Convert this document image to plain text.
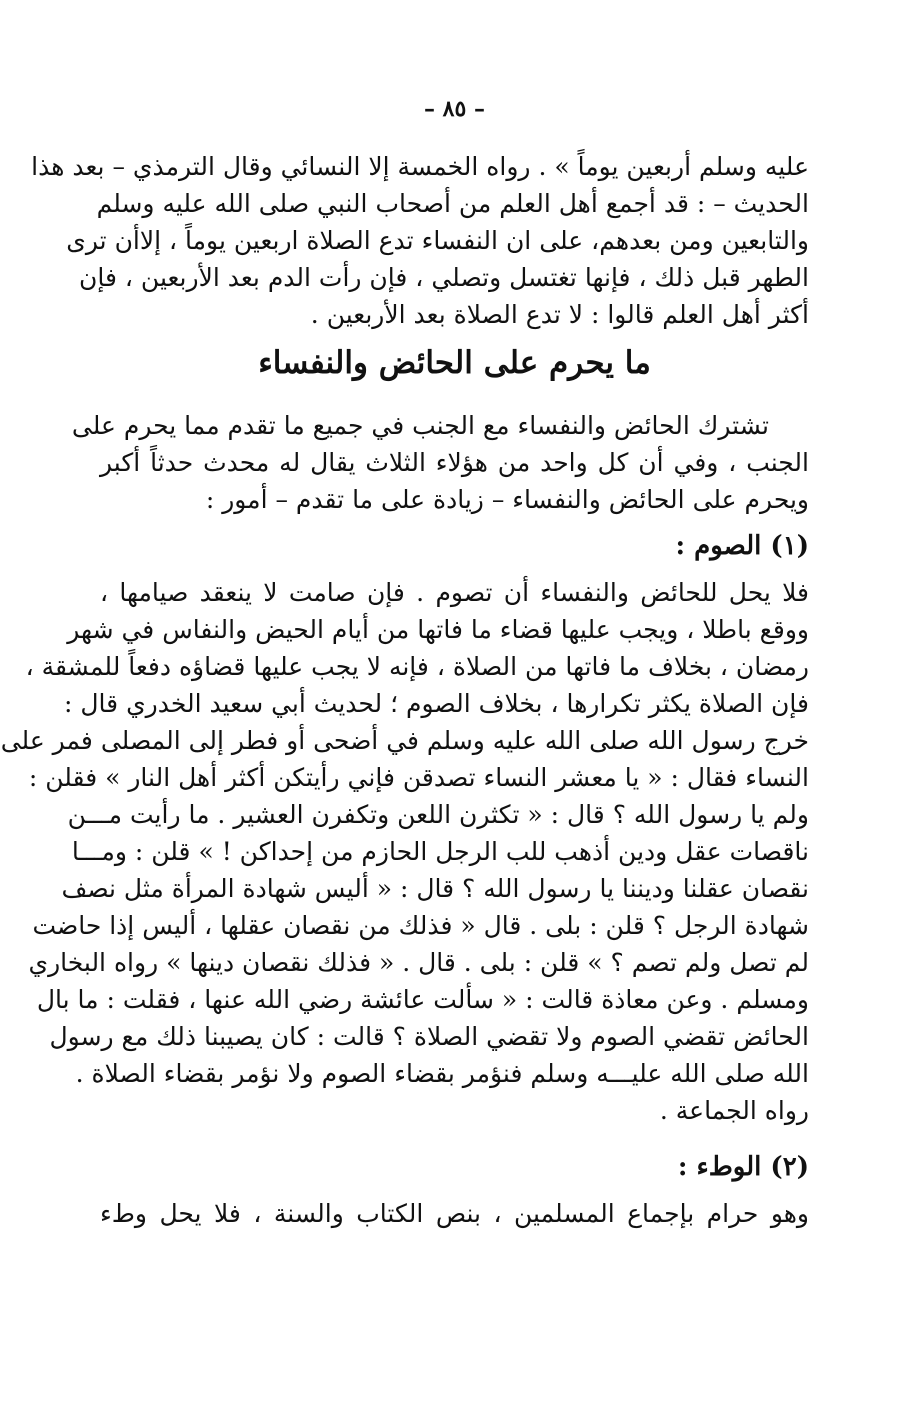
– ٨٥ –
عليه وسلم أربعين يوماً » . رواه الخمسة إلا النسائي وقال الترمذي – بعد هذا
الحديث – : قد أجمع أهل العلم من أصحاب النبي صلى الله عليه وسلم
والتابعين ومن بعدهم، على ان النفساء تدع الصلاة اربعين يوماً ، إلاأن ترى
الطهر قبل ذلك ، فإنها تغتسل وتصلي ، فإن رأت الدم بعد الأربعين ، فإن
أكثر أهل العلم قالوا : لا تدع الصلاة بعد الأربعين .
ما يحرم على الحائض والنفساء
تشترك الحائض والنفساء مع الجنب في جميع ما تقدم مما يحرم على
الجنب ، وفي أن كل واحد من هؤلاء الثلاث يقال له محدث حدثاً أكبر
ويحرم على الحائض والنفساء – زيادة على ما تقدم – أمور :
(١) الصوم :
فلا يحل للحائض والنفساء أن تصوم . فإن صامت لا ينعقد صيامها ،
ووقع باطلا ، ويجب عليها قضاء ما فاتها من أيام الحيض والنفاس في شهر
رمضان ، بخلاف ما فاتها من الصلاة ، فإنه لا يجب عليها قضاؤه دفعاً للمشقة ،
فإن الصلاة يكثر تكرارها ، بخلاف الصوم ؛ لحديث أبي سعيد الخدري قال :
خرج رسول الله صلى الله عليه وسلم في أضحى أو فطر إلى المصلى فمر على
النساء فقال : « يا معشر النساء تصدقن فإني رأيتكن أكثر أهل النار » فقلن :
ولم يا رسول الله ؟ قال : « تكثرن اللعن وتكفرن العشير . ما رأيت مـــن
ناقصات عقل ودين أذهب للب الرجل الحازم من إحداكن ! » قلن : ومـــا
نقصان عقلنا وديننا يا رسول الله ؟ قال : « أليس شهادة المرأة مثل نصف
شهادة الرجل ؟ قلن : بلى . قال « فذلك من نقصان عقلها ، أليس إذا حاضت
لم تصل ولم تصم ؟ » قلن : بلى . قال . « فذلك نقصان دينها » رواه البخاري
ومسلم . وعن معاذة قالت : « سألت عائشة رضي الله عنها ، فقلت : ما بال
الحائض تقضي الصوم ولا تقضي الصلاة ؟ قالت : كان يصيبنا ذلك مع رسول
الله صلى الله عليـــه وسلم فنؤمر بقضاء الصوم ولا نؤمر بقضاء الصلاة .
رواه الجماعة .
(٢) الوطء :
وهو حرام بإجماع المسلمين ، بنص الكتاب والسنة ، فلا يحل وطء
